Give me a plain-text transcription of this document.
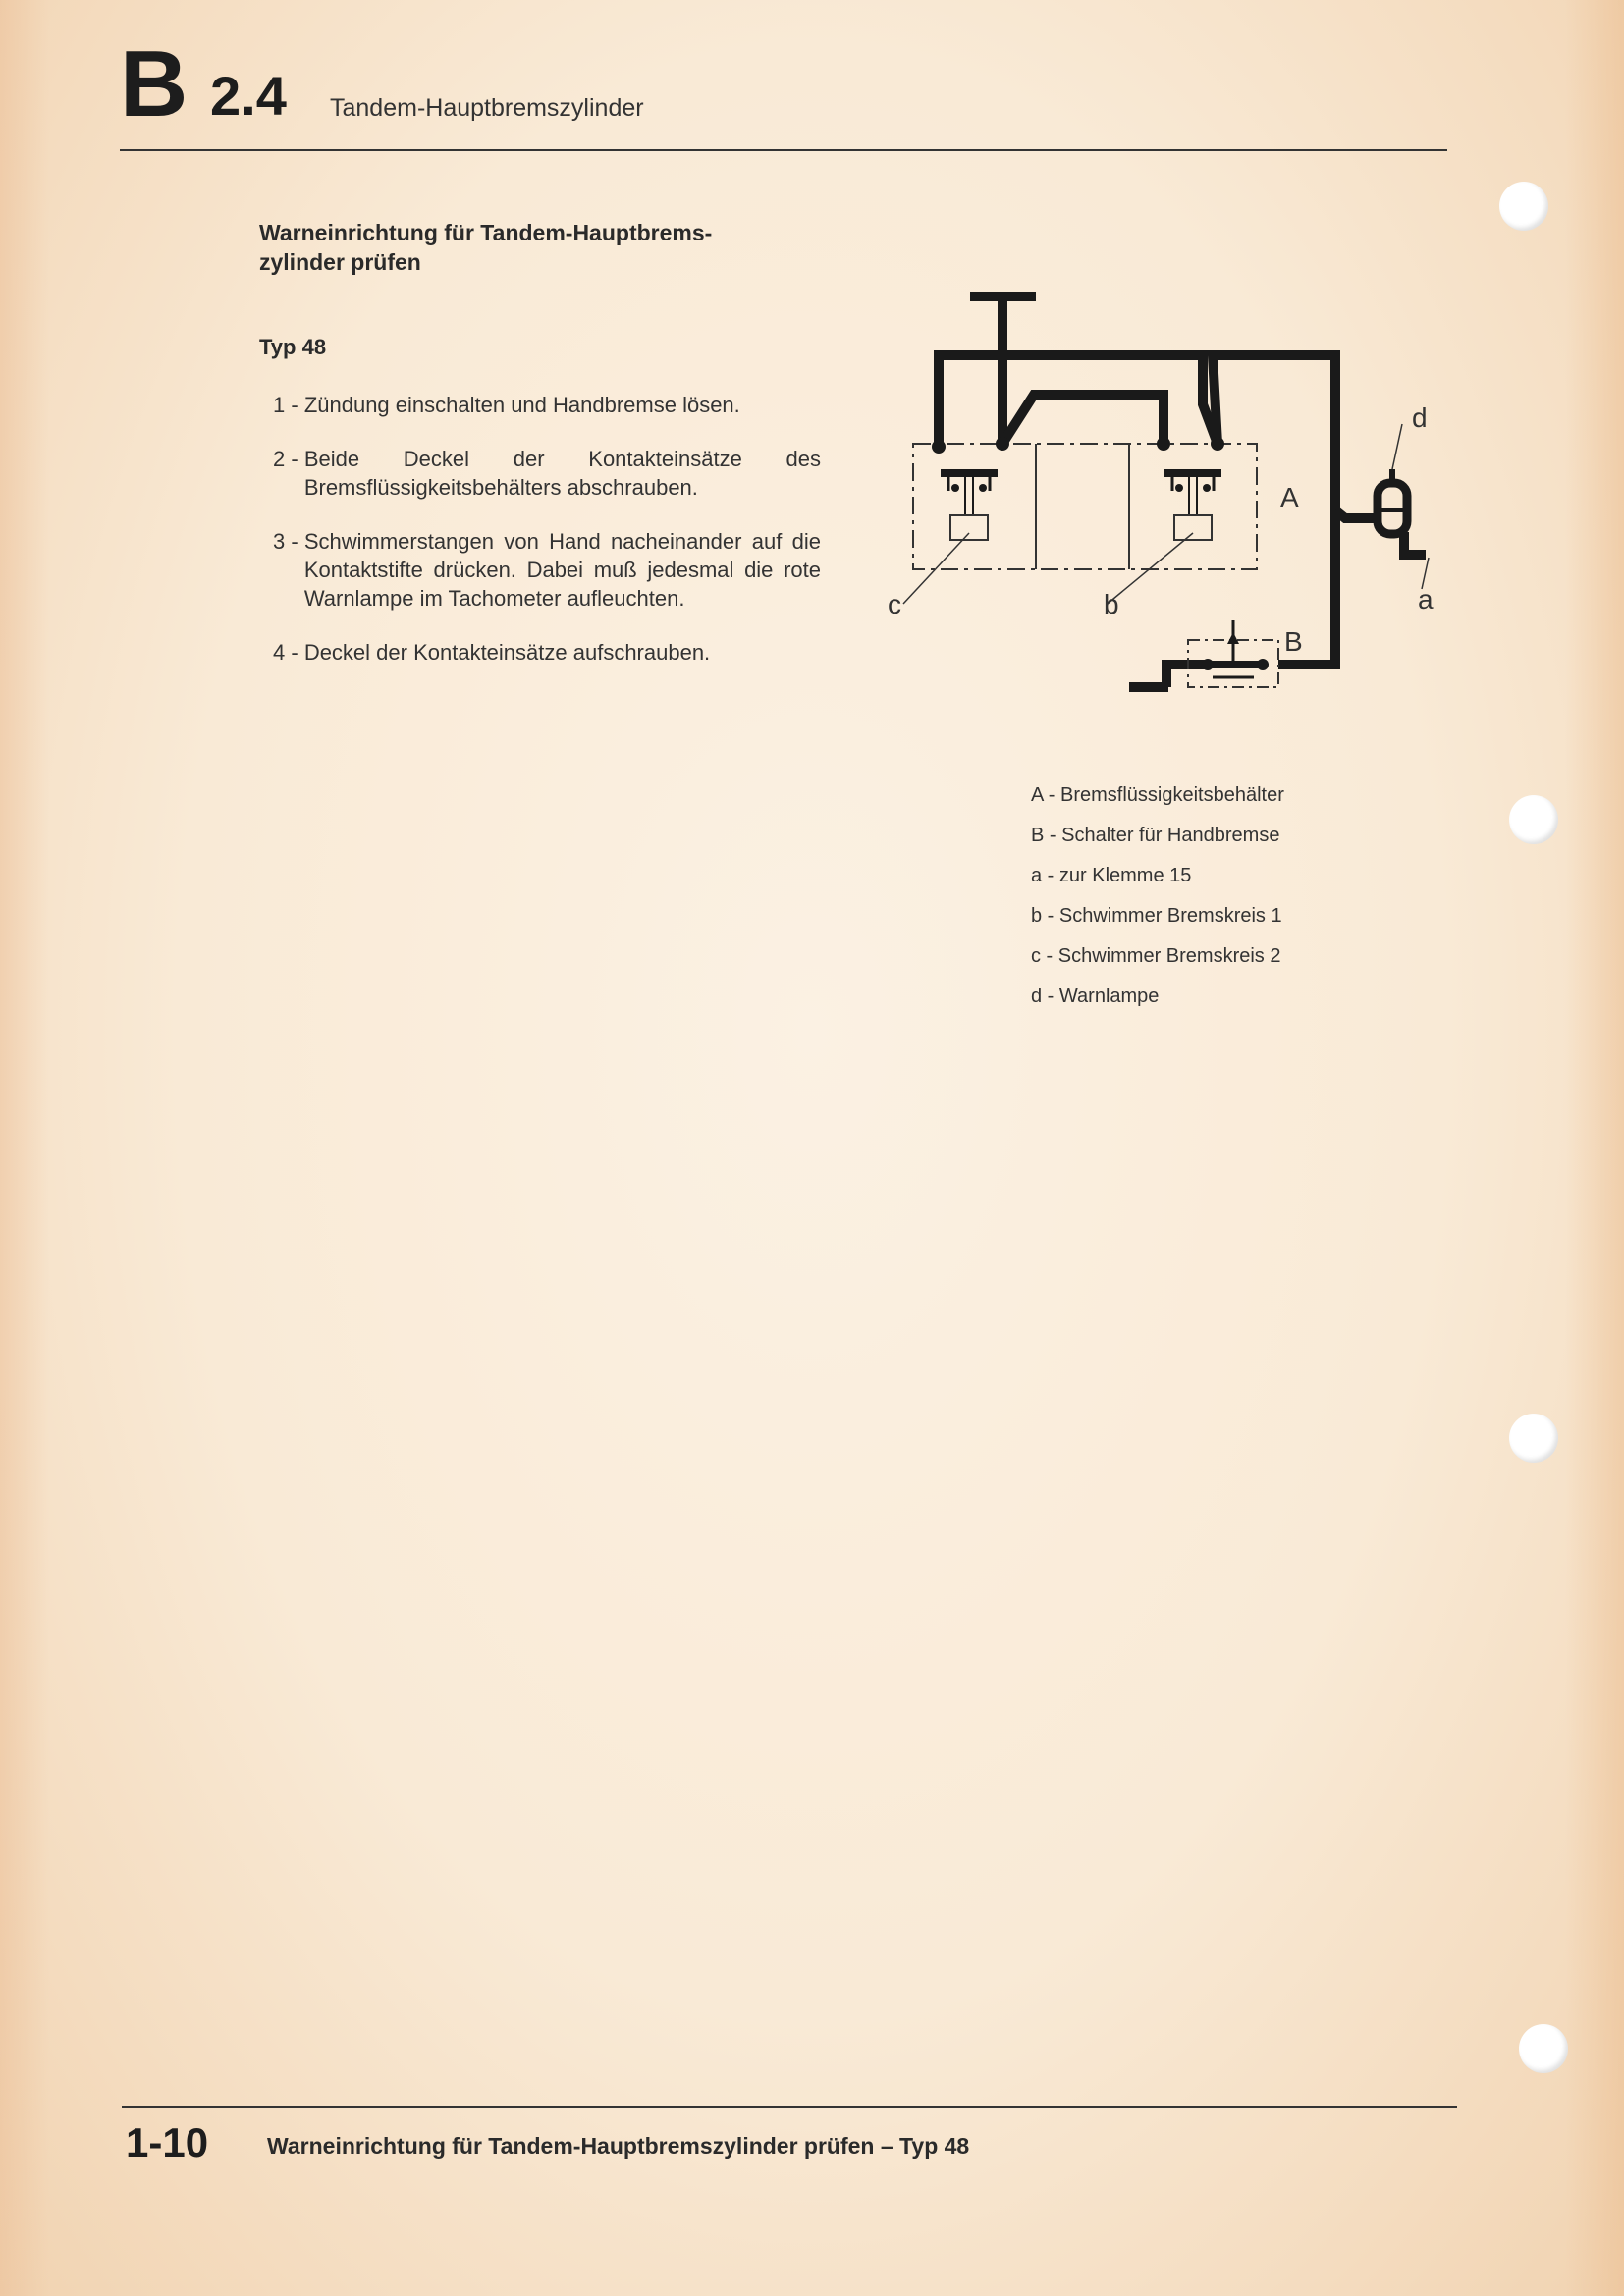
B 2.4 Tandem-Hauptbremszylinder
Warneinrichtung für Tandem-Hauptbrems-
zylinder prüfen
Typ 48
1 -
Zündung einschalten und Handbremse lösen.
2 -
Beide Deckel der Kontakteinsätze des Bremsflüssigkeitsbehälters abschrauben.
3 -
Schwimmerstangen von Hand nacheinander auf die Kontaktstifte drücken. Dabei muß jedesmal die rote Warnlampe im Tachometer aufleuchten.
4 -
Deckel der Kontakteinsätze aufschrauben.
A
B
a
b
c
d
A - Bremsflüssigkeitsbehälter
B - Schalter für Handbremse
a - zur Klemme 15
b - Schwimmer Bremskreis 1
c - Schwimmer Bremskreis 2
d - Warnlampe
1-10	Warneinrichtung für Tandem-Hauptbremszylinder prüfen – Typ 48
